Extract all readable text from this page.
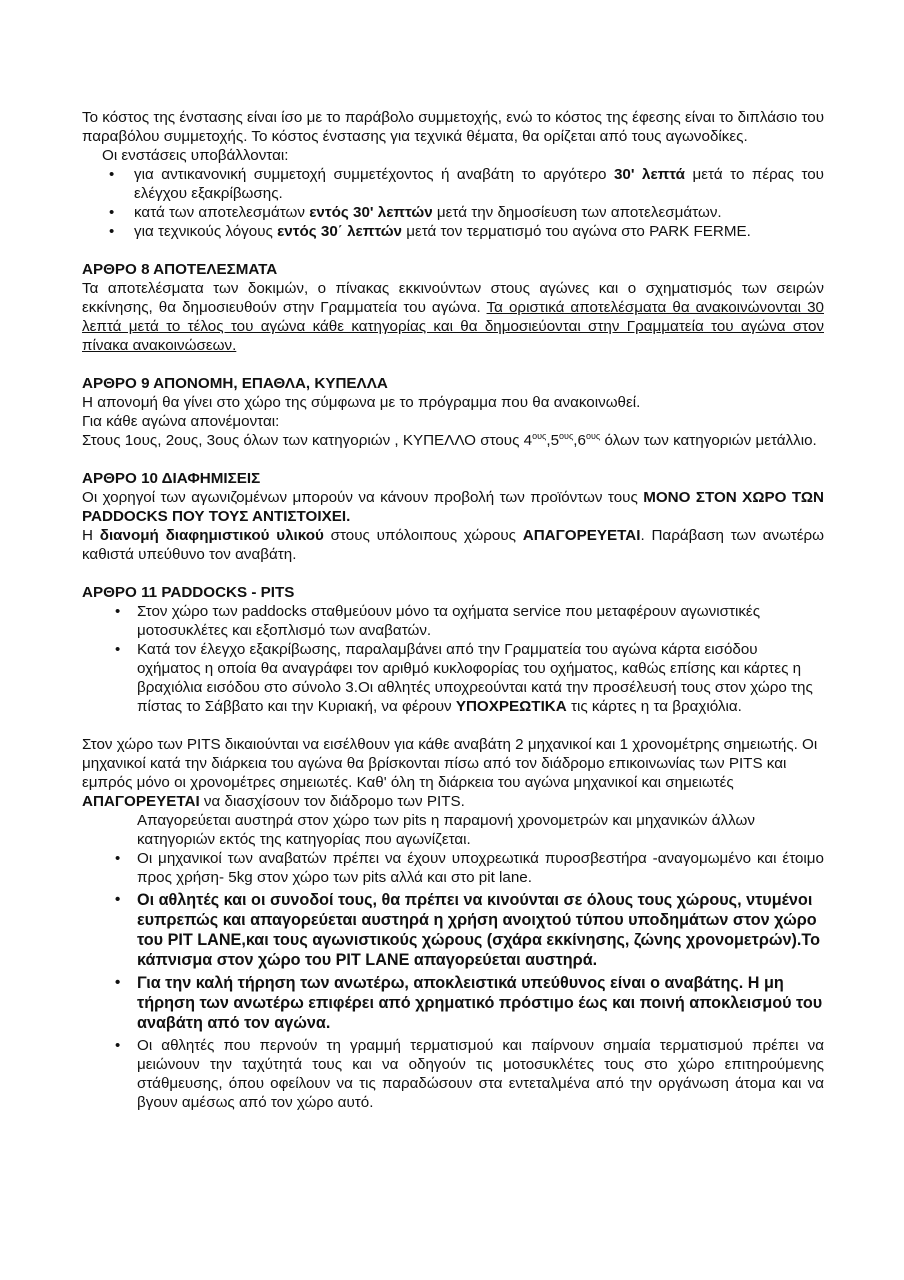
Το κόστος της ένστασης είναι ίσο με το παράβολο συμμετοχής, ενώ το κόστος της έφεσης είναι το διπλάσιο του παραβόλου συμμετοχής. Το κόστος ένστασης για τεχνικά θέματα, θα ορίζεται από τους αγωνοδίκες.

Οι ενστάσεις υποβάλλονται:

• για αντικανονική συμμετοχή συμμετέχοντος ή αναβάτη το αργότερο 30' λεπτά μετά το πέρας του ελέγχου εξακρίβωσης.
• κατά των αποτελεσμάτων εντός 30' λεπτών μετά την δημοσίευση των αποτελεσμάτων.
• για τεχνικούς λόγους εντός 30΄ λεπτών μετά τον τερματισμό του αγώνα στο PARK FERME.
ΑΡΘΡΟ 8 ΑΠΟΤΕΛΕΣΜΑΤΑ

Τα αποτελέσματα των δοκιμών, ο πίνακας εκκινούντων στους αγώνες και ο σχηματισμός των σειρών εκκίνησης, θα δημοσιευθούν στην Γραμματεία του αγώνα. Τα οριστικά αποτελέσματα θα ανακοινώνονται 30 λεπτά μετά το τέλος του αγώνα κάθε κατηγορίας και θα δημοσιεύονται στην Γραμματεία του αγώνα στον πίνακα ανακοινώσεων.

ΑΡΘΡΟ 9 ΑΠΟΝΟΜΗ, ΕΠΑΘΛΑ, ΚΥΠΕΛΛΑ

Η απονομή θα γίνει στο χώρο της σύμφωνα με το πρόγραμμα που θα ανακοινωθεί.

Για κάθε αγώνα απονέμονται:

Στους 1ους, 2ους, 3ους όλων των κατηγοριών , ΚΥΠΕΛΛΟ στους $4^{o\upsilon\varsigma},5^{o\upsilon\varsigma},6^{o\upsilon\varsigma}$ όλων των κατηγοριών μετάλλιο.

ΑΡΘΡΟ 10 ΔΙΑΦΗΜΙΣΕΙΣ

Οι χορηγοί των αγωνιζομένων μπορούν να κάνουν προβολή των προϊόντων τους ΜΟΝΟ ΣΤΟΝ ΧΩΡΟ ΤΩΝ PADDOCKS ΠΟΥ ΤΟΥΣ ΑΝΤΙΣΤΟΙΧΕΙ.

Η διανομή διαφημιστικού υλικού στους υπόλοιπους χώρους ΑΠΑΓΟΡΕΥΕΤΑΙ. Παράβαση των ανωτέρω καθιστά υπεύθυνο τον αναβάτη.

ΑΡΘΡΟ 11 PADDOCKS - PITS
• Στον χώρο των paddocks σταθμεύουν μόνο τα οχήματα service που μεταφέρουν αγωνιστικές μοτοσυκλέτες και εξοπλισμό των αναβατών.
• Κατά τον έλεγχο εξακρίβωσης, παραλαμβάνει από την Γραμματεία του αγώνα κάρτα εισόδου οχήματος η οποία θα αναγράφει τον αριθμό κυκλοφορίας του οχήματος, καθώς επίσης και κάρτες η βραχιόλια εισόδου στο σύνολο 3.Οι αθλητές υποχρεούνται κατά την προσέλευσή τους στον χώρο της πίστας το Σάββατο και την Κυριακή, να φέρουν ΥΠΟΧΡΕΩΤΙΚΑ τις κάρτες η τα βραχιόλια.

Στον χώρο των PITS δικαιούνται να εισέλθουν για κάθε αναβάτη 2 μηχανικοί και 1 χρονομέτρης σημειωτής. Οι μηχανικοί κατά την διάρκεια του αγώνα θα βρίσκονται πίσω από τον διάδρομο επικοινωνίας των PITS και εμπρός μόνο οι χρονομέτρες σημειωτές. Καθ' όλη τη διάρκεια του αγώνα μηχανικοί και σημειωτές ΑΠΑΓΟΡΕΥΕΤΑΙ να διασχίσουν τον διάδρομο των PITS.

Απαγορεύεται αυστηρά στον χώρο των pits η παραμονή χρονομετρών και μηχανικών άλλων κατηγοριών εκτός της κατηγορίας που αγωνίζεται.

• Οι μηχανικοί των αναβατών πρέπει να έχουν υποχρεωτικά πυροσβεστήρα -αναγομωμένο και έτοιμο προς χρήση- 5kg στον χώρο των pits αλλά και στο pit lane.
• Οι αθλητές και οι συνοδοί τους, θα πρέπει να κινούνται σε όλους τους χώρους, ντυμένοι ευπρεπώς και απαγορεύεται αυστηρά η χρήση ανοιχτού τύπου υποδημάτων στον χώρο του PIT LANE,και τους αγωνιστικούς χώρους (σχάρα εκκίνησης, ζώνης χρονομετρών).Το κάπνισμα στον χώρο του PIT LANE απαγορεύεται αυστηρά.
• Για την καλή τήρηση των ανωτέρω, αποκλειστικά υπεύθυνος είναι ο αναβάτης. Η μη τήρηση των ανωτέρω επιφέρει από χρηματικό πρόστιμο έως και ποινή αποκλεισμού του αναβάτη από τον αγώνα.
• Οι αθλητές που περνούν τη γραμμή τερματισμού και παίρνουν σημαία τερματισμού πρέπει να μειώνουν την ταχύτητά τους και να οδηγούν τις μοτοσυκλέτες τους στο χώρο επιτηρούμενης στάθμευσης, όπου οφείλουν να τις παραδώσουν στα εντεταλμένα από την οργάνωση άτομα και να βγουν αμέσως από τον χώρο αυτό.
